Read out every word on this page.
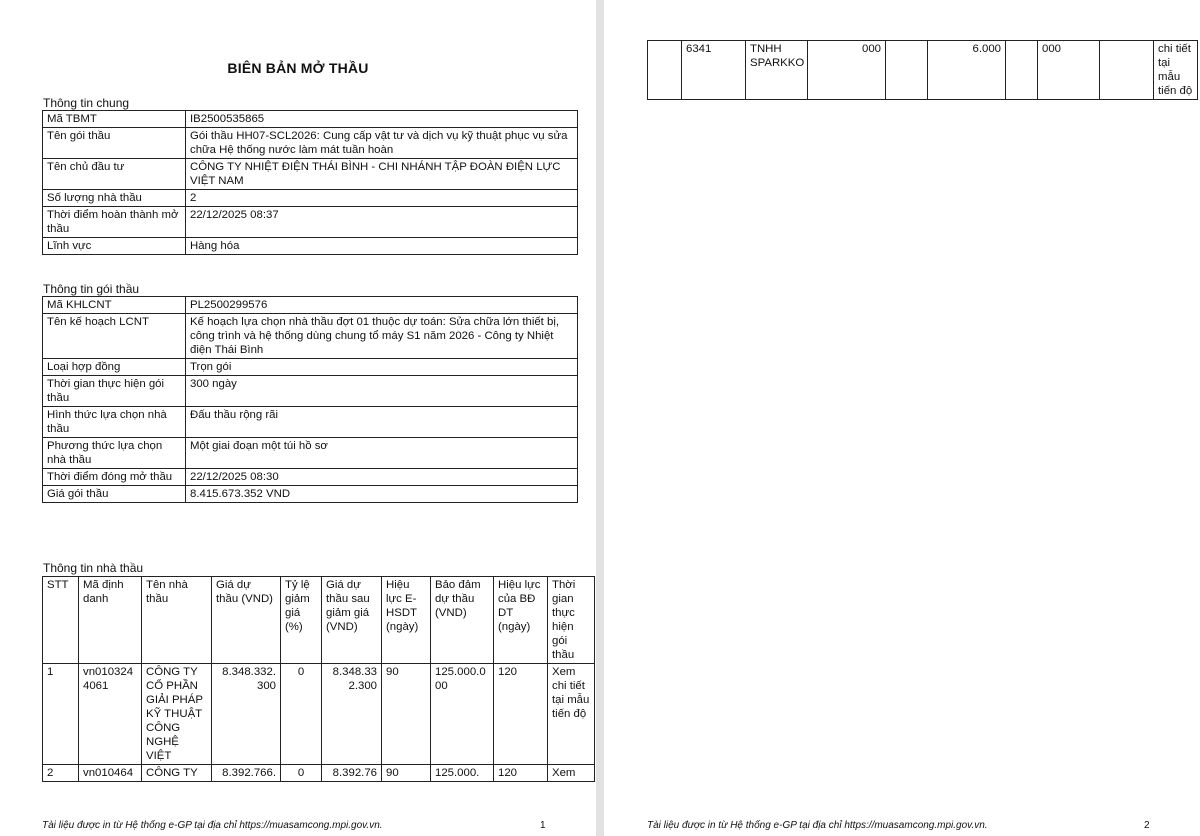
BIÊN BẢN MỞ THẦU
Thông tin chung
Mã TBMT	IB2500535865
Tên gói thầu	Gói thầu HH07-SCL2026: Cung cấp vật tư và dịch vụ kỹ thuật phục vụ sửa chữa Hệ thống nước làm mát tuần hoàn
Tên chủ đầu tư	CÔNG TY NHIỆT ĐIỆN THÁI BÌNH - CHI NHÁNH TẬP ĐOÀN ĐIỆN LỰC VIỆT NAM
Số lượng nhà thầu	2
Thời điểm hoàn thành mở thầu	22/12/2025 08:37
Lĩnh vực	Hàng hóa
Thông tin gói thầu
Mã KHLCNT	PL2500299576
Tên kế hoạch LCNT	Kế hoạch lựa chọn nhà thầu đợt 01 thuộc dự toán: Sửa chữa lớn thiết bị, công trình và hệ thống dùng chung tổ máy S1 năm 2026 - Công ty Nhiệt điện Thái Bình
Loại hợp đồng	Trọn gói
Thời gian thực hiện gói thầu	300 ngày
Hình thức lựa chọn nhà thầu	Đấu thầu rộng rãi
Phương thức lựa chọn nhà thầu	Một giai đoạn một túi hồ sơ
Thời điểm đóng mở thầu	22/12/2025 08:30
Giá gói thầu	8.415.673.352 VND
Thông tin nhà thầu
STT	Mã định danh	Tên nhà thầu	Giá dự thầu (VND)	Tỷ lệ giảm giá (%)	Giá dự thầu sau giảm giá (VND)	Hiệu lực E-HSDT (ngày)	Bảo đảm dự thầu (VND)	Hiệu lực của BĐ DT (ngày)	Thời gian thực hiện gói thầu
1	vn0103244061	CÔNG TY CỔ PHẦN GIẢI PHÁP KỸ THUẬT CÔNG NGHỆ VIỆT	8.348.332.300	0	8.348.332.300	90	125.000.000	120	Xem chi tiết tại mẫu tiến độ
2	vn010464	CÔNG TY	8.392.766.	0	8.392.76	90	125.000.	120	Xem
	6341	TNHH SPARKKO	000		6.000		000		chi tiết tại mẫu tiến độ
Tài liệu được in từ Hệ thống e-GP tại địa chỉ https://muasamcong.mpi.gov.vn.	1	Tài liệu được in từ Hệ thống e-GP tại địa chỉ https://muasamcong.mpi.gov.vn.	2
